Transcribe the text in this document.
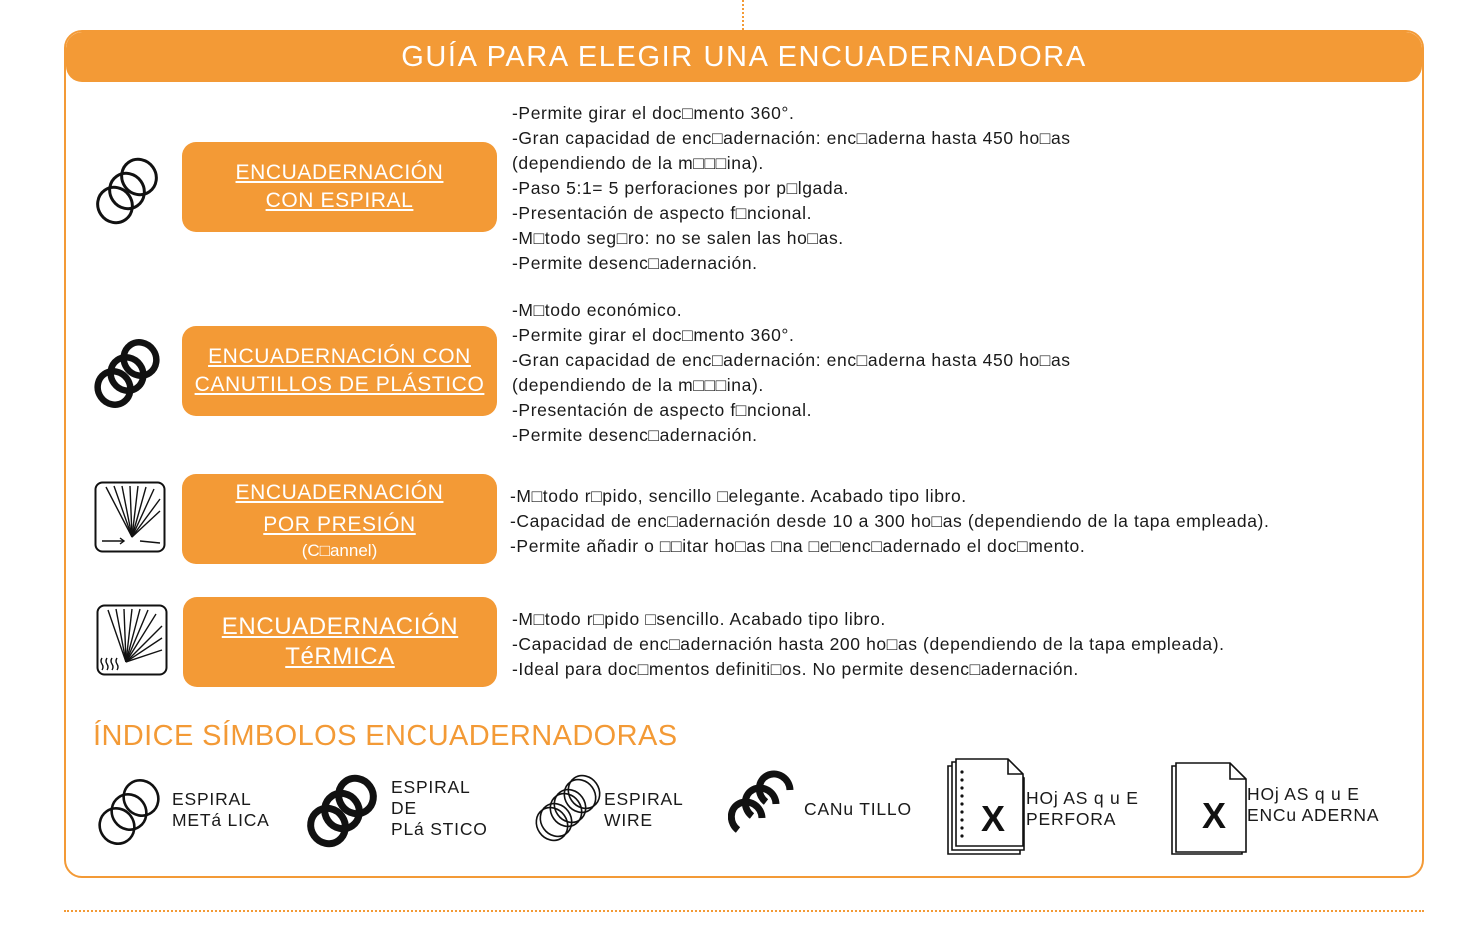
GUÍA PARA ELEGIR UNA ENCUADERNADORA
ENCUADERNACIÓN
CON ESPIRAL
-Permite girar el doc□mento 360°.
-Gran capacidad de enc□adernación: enc□aderna hasta 450 ho□as
(dependiendo de la m□□□ina).
-Paso 5:1= 5 perforaciones por p□lgada.
-Presentación de aspecto f□ncional.
-M□todo seg□ro: no se salen las ho□as.
-Permite desenc□adernación.
ENCUADERNACIÓN CON
CANUTILLOS DE PLÁSTICO
-M□todo económico.
-Permite girar el doc□mento 360°.
-Gran capacidad de enc□adernación: enc□aderna hasta 450 ho□as
(dependiendo de la m□□□ina).
-Presentación de aspecto f□ncional.
-Permite desenc□adernación.
ENCUADERNACIÓN
POR PRESIÓN
(C□annel)
-M□todo r□pido, sencillo □elegante. Acabado tipo libro.
-Capacidad de enc□adernación desde 10 a 300 ho□as (dependiendo de la tapa empleada).
-Permite añadir o □□itar ho□as □na □e□enc□adernado el doc□mento.
ENCUADERNACIÓN
TéRMICA
-M□todo r□pido □sencillo. Acabado tipo libro.
-Capacidad de enc□adernación hasta 200 ho□as (dependiendo de la tapa empleada).
-Ideal para doc□mentos definiti□os. No permite desenc□adernación.
ÍNDICE SÍMBOLOS ENCUADERNADORAS
ESPIRAL
METá LICA
ESPIRAL
DE
PLá STICO
ESPIRAL
WIRE
CANu TILLO X HOj AS q u E
PERFORA	X
HOj AS q u E
ENCu ADERNA
